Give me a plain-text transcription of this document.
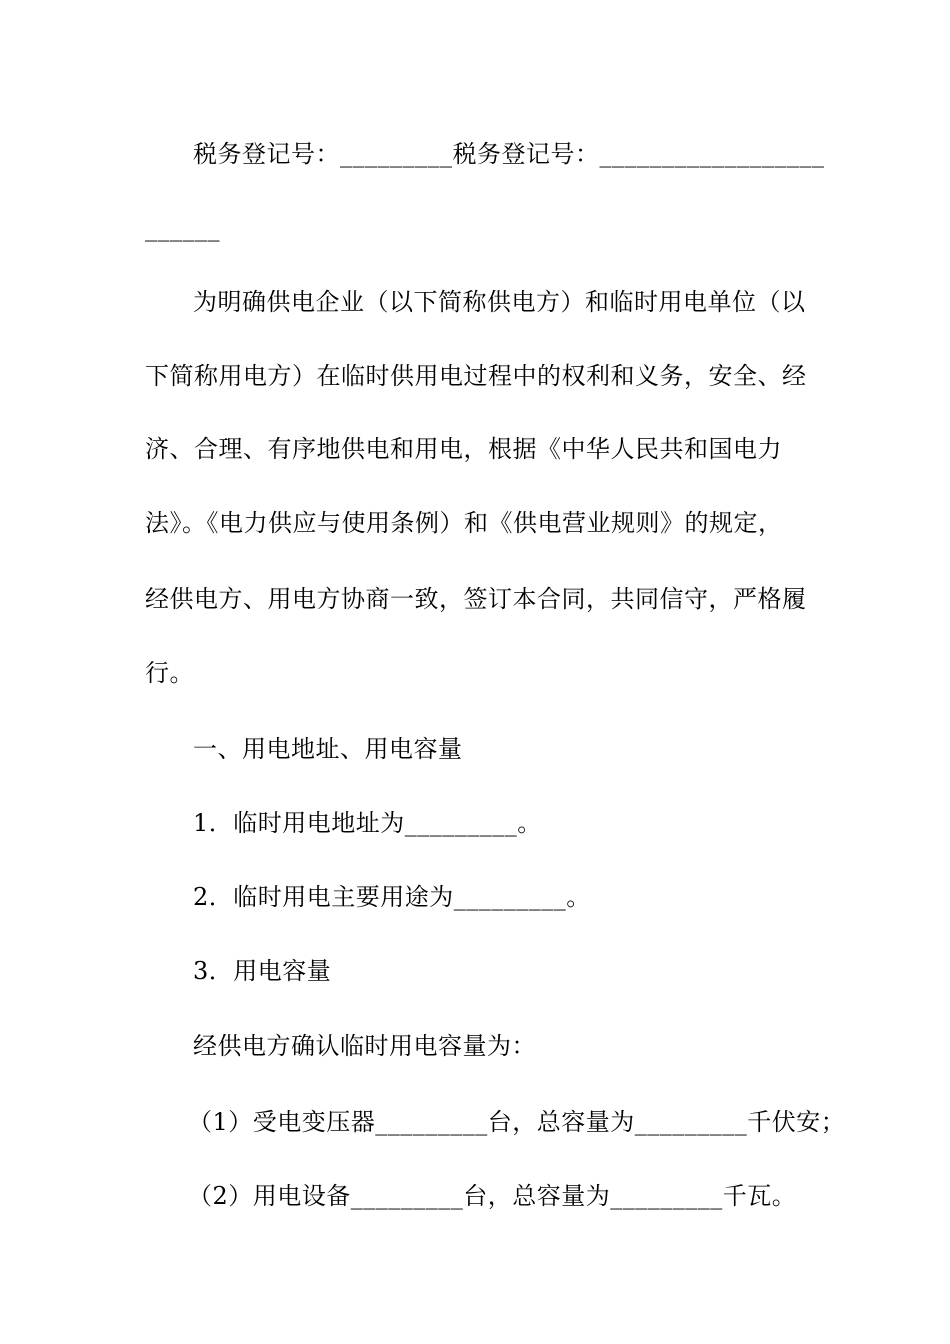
税务登记号：_________税务登记号：__________________
______
为明确供电企业（以下简称供电方）和临时用电单位（以
下简称用电方）在临时供用电过程中的权利和义务，安全、经
济、合理、有序地供电和用电，根据《中华人民共和国电力
法》。《电力供应与使用条例）和《供电营业规则》的规定，
经供电方、用电方协商一致，签订本合同，共同信守，严格履
行。
一、用电地址、用电容量
1．临时用电地址为_________。
2．临时用电主要用途为_________。
3．用电容量
经供电方确认临时用电容量为：
（1）受电变压器_________台，总容量为_________千伏安；
（2）用电设备_________台，总容量为_________千瓦。
